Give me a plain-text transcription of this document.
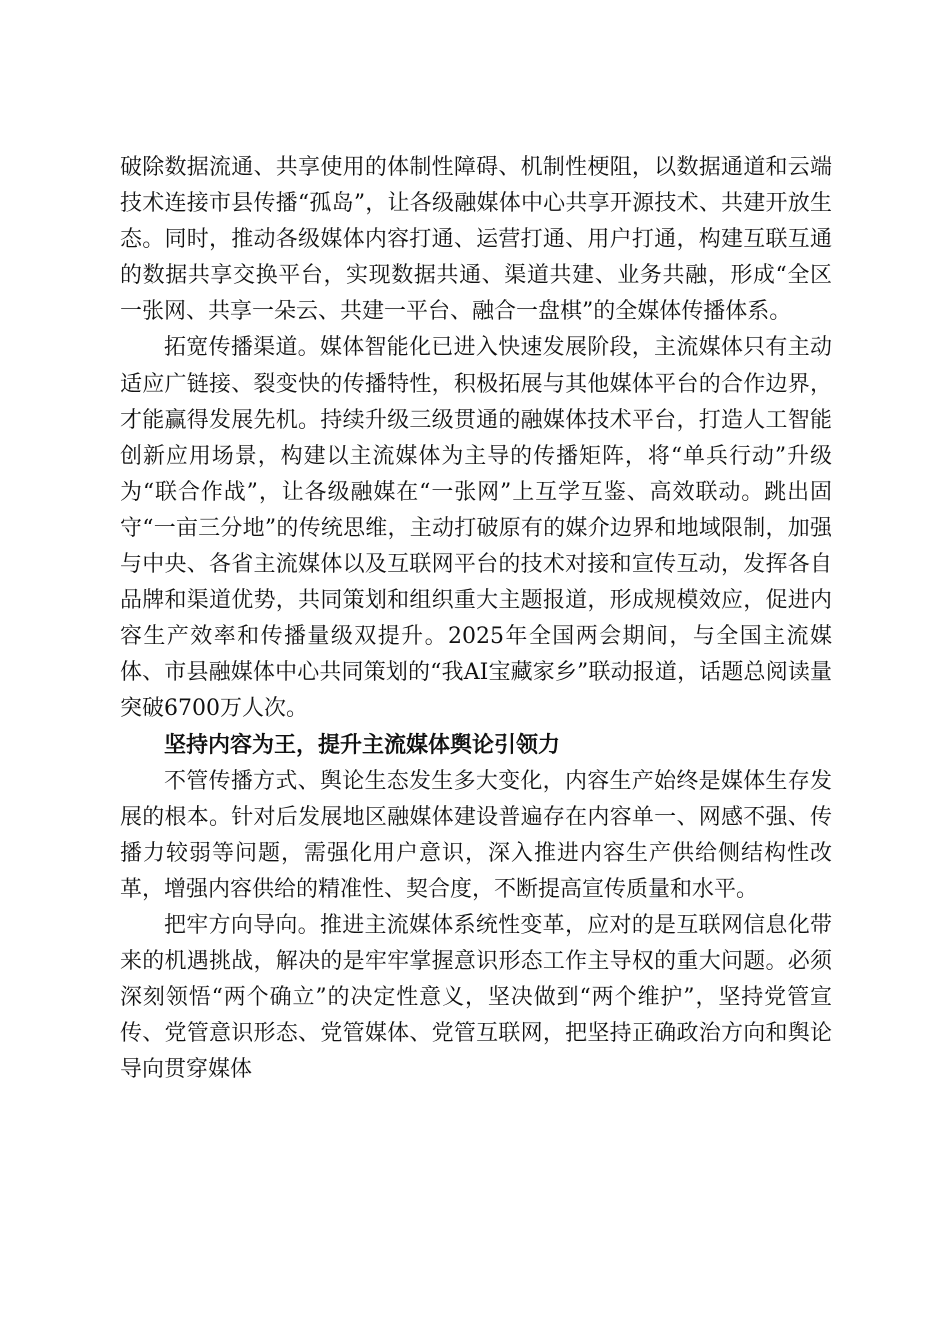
破除数据流通、共享使用的体制性障碍、机制性梗阻，以数据通道和云端技术连接市县传播“孤岛”，让各级融媒体中心共享开源技术、共建开放生态。同时，推动各级媒体内容打通、运营打通、用户打通，构建互联互通的数据共享交换平台，实现数据共通、渠道共建、业务共融，形成“全区一张网、共享一朵云、共建一平台、融合一盘棋”的全媒体传播体系。

拓宽传播渠道。媒体智能化已进入快速发展阶段，主流媒体只有主动适应广链接、裂变快的传播特性，积极拓展与其他媒体平台的合作边界，才能赢得发展先机。持续升级三级贯通的融媒体技术平台，打造人工智能创新应用场景，构建以主流媒体为主导的传播矩阵，将“单兵行动”升级为“联合作战”，让各级融媒在“一张网”上互学互鉴、高效联动。跳出固守“一亩三分地”的传统思维，主动打破原有的媒介边界和地域限制，加强与中央、各省主流媒体以及互联网平台的技术对接和宣传互动，发挥各自品牌和渠道优势，共同策划和组织重大主题报道，形成规模效应，促进内容生产效率和传播量级双提升。2025年全国两会期间，与全国主流媒体、市县融媒体中心共同策划的“我AI宝藏家乡”联动报道，话题总阅读量突破6700万人次。

坚持内容为王，提升主流媒体舆论引领力

不管传播方式、舆论生态发生多大变化，内容生产始终是媒体生存发展的根本。针对后发展地区融媒体建设普遍存在内容单一、网感不强、传播力较弱等问题，需强化用户意识，深入推进内容生产供给侧结构性改革，增强内容供给的精准性、契合度，不断提高宣传质量和水平。

把牢方向导向。推进主流媒体系统性变革，应对的是互联网信息化带来的机遇挑战，解决的是牢牢掌握意识形态工作主导权的重大问题。必须深刻领悟“两个确立”的决定性意义，坚决做到“两个维护”，坚持党管宣传、党管意识形态、党管媒体、党管互联网，把坚持正确政治方向和舆论导向贯穿媒体
